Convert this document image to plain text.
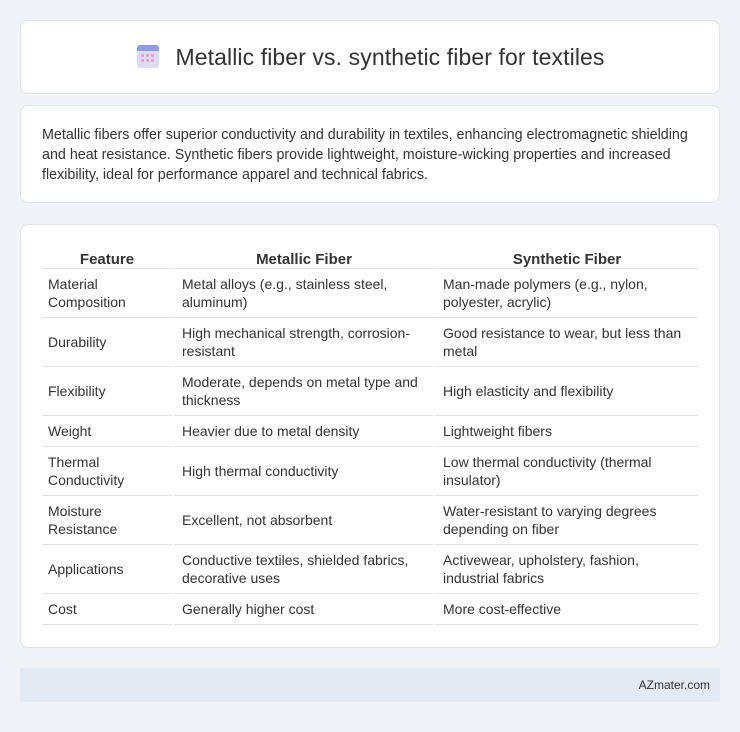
Metallic fiber vs. synthetic fiber for textiles

Metallic fibers offer superior conductivity and durability in textiles, enhancing electromagnetic shielding and heat resistance. Synthetic fibers provide lightweight, moisture-wicking properties and increased flexibility, ideal for performance apparel and technical fabrics.

Feature	Metallic Fiber	Synthetic Fiber
Material Composition	Metal alloys (e.g., stainless steel, aluminum)	Man-made polymers (e.g., nylon, polyester, acrylic)
Durability	High mechanical strength, corrosion-resistant	Good resistance to wear, but less than metal
Flexibility	Moderate, depends on metal type and thickness	High elasticity and flexibility
Weight	Heavier due to metal density	Lightweight fibers
Thermal Conductivity	High thermal conductivity	Low thermal conductivity (thermal insulator)
Moisture Resistance	Excellent, not absorbent	Water-resistant to varying degrees depending on fiber
Applications	Conductive textiles, shielded fabrics, decorative uses	Activewear, upholstery, fashion, industrial fabrics
Cost	Generally higher cost	More cost-effective
AZmater.com
